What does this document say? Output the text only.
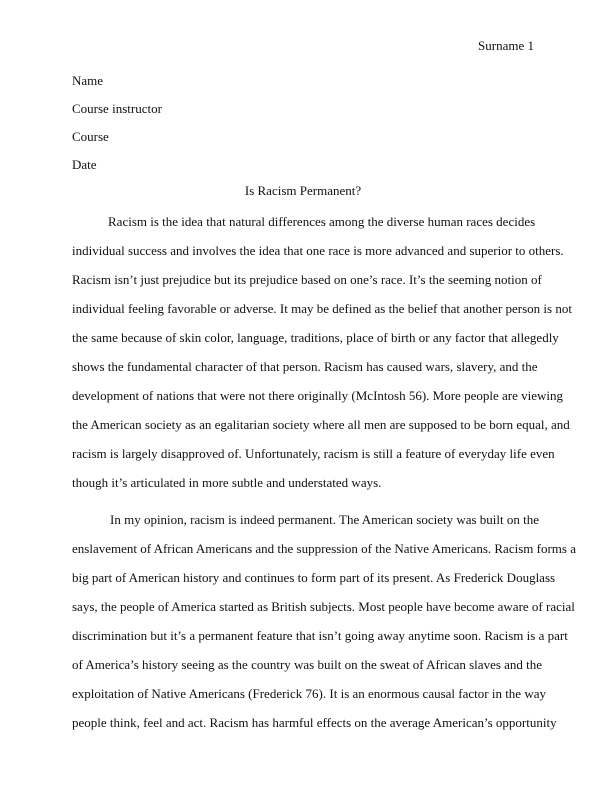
Surname 1
Name
Course instructor
Course
Date
Is Racism Permanent?
Racism is the idea that natural differences among the diverse human races decides
individual success and involves the idea that one race is more advanced and superior to others.
Racism isn’t just prejudice but its prejudice based on one’s race. It’s the seeming notion of
individual feeling favorable or adverse. It may be defined as the belief that another person is not
the same because of skin color, language, traditions, place of birth or any factor that allegedly
shows the fundamental character of that person. Racism has caused wars, slavery, and the
development of nations that were not there originally (McIntosh 56). More people are viewing
the American society as an egalitarian society where all men are supposed to be born equal, and
racism is largely disapproved of. Unfortunately, racism is still a feature of everyday life even
though it’s articulated in more subtle and understated ways.
In my opinion, racism is indeed permanent. The American society was built on the
enslavement of African Americans and the suppression of the Native Americans. Racism forms a
big part of American history and continues to form part of its present. As Frederick Douglass
says, the people of America started as British subjects. Most people have become aware of racial
discrimination but it’s a permanent feature that isn’t going away anytime soon. Racism is a part
of America’s history seeing as the country was built on the sweat of African slaves and the
exploitation of Native Americans (Frederick 76). It is an enormous causal factor in the way
people think, feel and act. Racism has harmful effects on the average American’s opportunity
